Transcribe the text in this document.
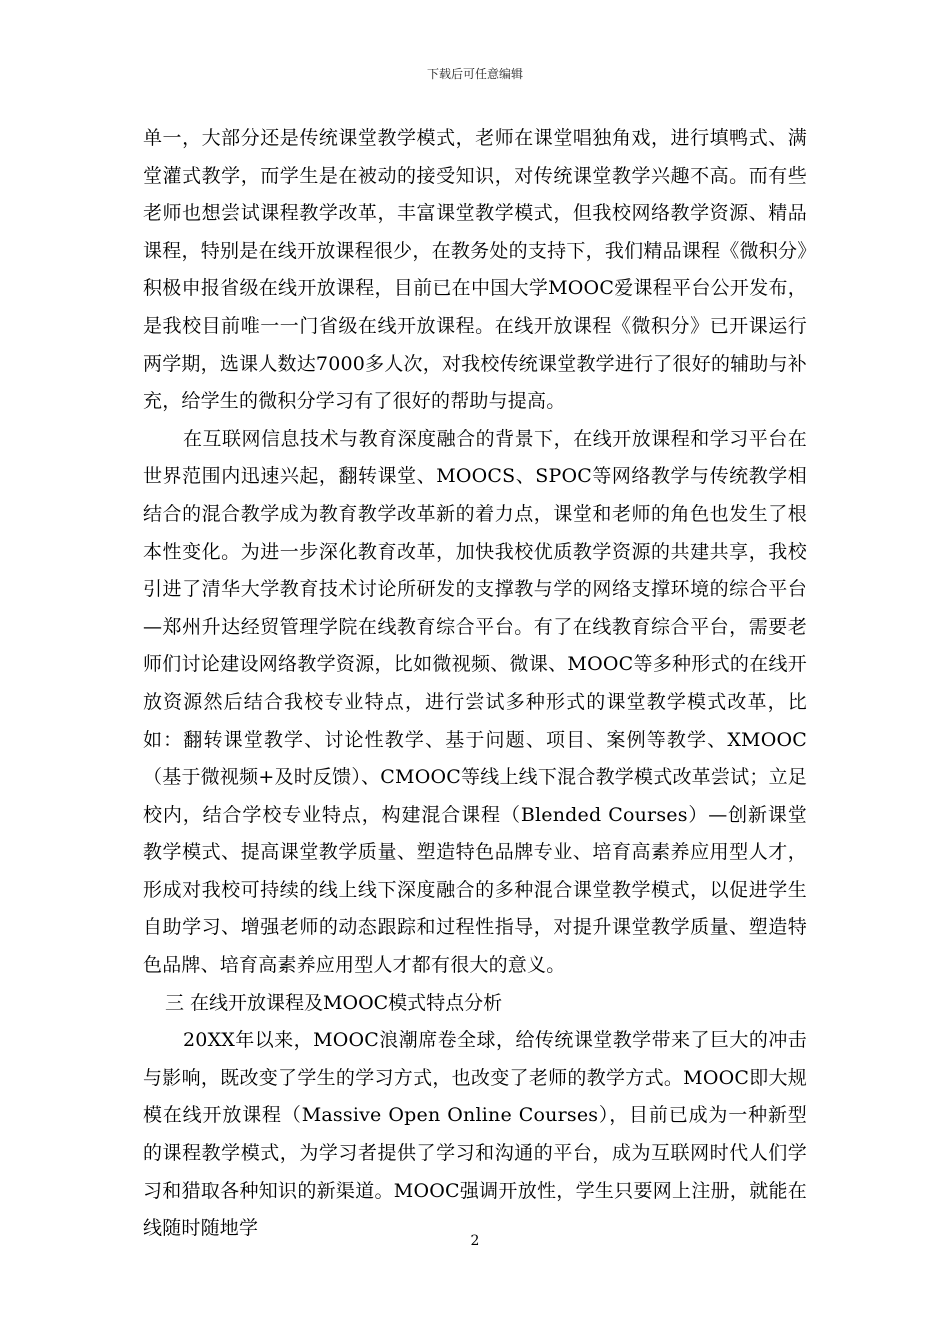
下载后可任意编辑

单一，大部分还是传统课堂教学模式，老师在课堂唱独角戏，进行填鸭式、满堂灌式教学，而学生是在被动的接受知识，对传统课堂教学兴趣不高。而有些老师也想尝试课程教学改革，丰富课堂教学模式，但我校网络教学资源、精品课程，特别是在线开放课程很少，在教务处的支持下，我们精品课程《微积分》积极申报省级在线开放课程，目前已在中国大学MOOC爱课程平台公开发布，是我校目前唯一一门省级在线开放课程。在线开放课程《微积分》已开课运行两学期，选课人数达7000多人次，对我校传统课堂教学进行了很好的辅助与补充，给学生的微积分学习有了很好的帮助与提高。

在互联网信息技术与教育深度融合的背景下，在线开放课程和学习平台在世界范围内迅速兴起，翻转课堂、MOOCS、SPOC等网络教学与传统教学相结合的混合教学成为教育教学改革新的着力点，课堂和老师的角色也发生了根本性变化。为进一步深化教育改革，加快我校优质教学资源的共建共享，我校引进了清华大学教育技术讨论所研发的支撑教与学的网络支撑环境的综合平台—郑州升达经贸管理学院在线教育综合平台。有了在线教育综合平台，需要老师们讨论建设网络教学资源，比如微视频、微课、MOOC等多种形式的在线开放资源然后结合我校专业特点，进行尝试多种形式的课堂教学模式改革，比如：翻转课堂教学、讨论性教学、基于问题、项目、案例等教学、XMOOC（基于微视频+及时反馈）、CMOOC等线上线下混合教学模式改革尝试；立足校内，结合学校专业特点，构建混合课程（Blended Courses）—创新课堂教学模式、提高课堂教学质量、塑造特色品牌专业、培育高素养应用型人才，形成对我校可持续的线上线下深度融合的多种混合课堂教学模式，以促进学生自助学习、增强老师的动态跟踪和过程性指导，对提升课堂教学质量、塑造特色品牌、培育高素养应用型人才都有很大的意义。

三 在线开放课程及MOOC模式特点分析

20XX年以来，MOOC浪潮席卷全球，给传统课堂教学带来了巨大的冲击与影响，既改变了学生的学习方式，也改变了老师的教学方式。MOOC即大规模在线开放课程（Massive Open Online Courses），目前已成为一种新型的课程教学模式，为学习者提供了学习和沟通的平台，成为互联网时代人们学习和猎取各种知识的新渠道。MOOC强调开放性，学生只要网上注册，就能在线随时随地学

2
